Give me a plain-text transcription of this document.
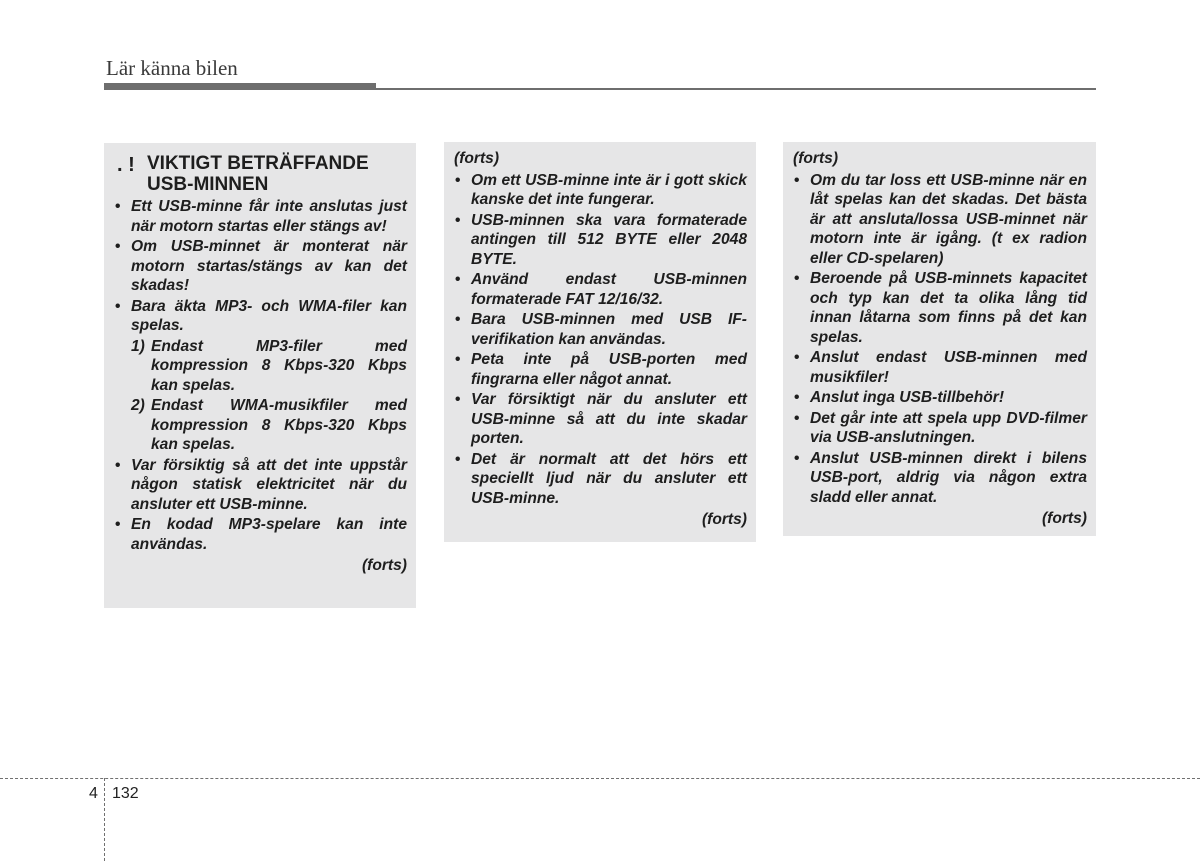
Lär känna bilen
. ! VIKTIGT BETRÄFFANDE USB-MINNEN
• Ett USB-minne får inte anslutas just när motorn startas eller stängs av!
• Om USB-minnet är monterat när motorn startas/stängs av kan det skadas!
• Bara äkta MP3- och WMA-filer kan spelas.
1) Endast MP3-filer med kompression 8 Kbps-320 Kbps kan spelas.
2) Endast WMA-musikfiler med kompression 8 Kbps-320 Kbps kan spelas.
• Var försiktig så att det inte uppstår någon statisk elektricitet när du ansluter ett USB-minne.
• En kodad MP3-spelare kan inte användas.
(forts)
(forts)
• Om ett USB-minne inte är i gott skick kanske det inte fungerar.
• USB-minnen ska vara formaterade antingen till 512 BYTE eller 2048 BYTE.
• Använd endast USB-minnen formaterade FAT 12/16/32.
• Bara USB-minnen med USB IF-verifikation kan användas.
• Peta inte på USB-porten med fingrarna eller något annat.
• Var försiktigt när du ansluter ett USB-minne så att du inte skadar porten.
• Det är normalt att det hörs ett speciellt ljud när du ansluter ett USB-minne.
(forts)
(forts)
• Om du tar loss ett USB-minne när en låt spelas kan det skadas. Det bästa är att ansluta/lossa USB-minnet när motorn inte är igång. (t ex radion eller CD-spelaren)
• Beroende på USB-minnets kapacitet och typ kan det ta olika lång tid innan låtarna som finns på det kan spelas.
• Anslut endast USB-minnen med musikfiler!
• Anslut inga USB-tillbehör!
• Det går inte att spela upp DVD-filmer via USB-anslutningen.
• Anslut USB-minnen direkt i bilens USB-port, aldrig via någon extra sladd eller annat.
(forts)
4 132
